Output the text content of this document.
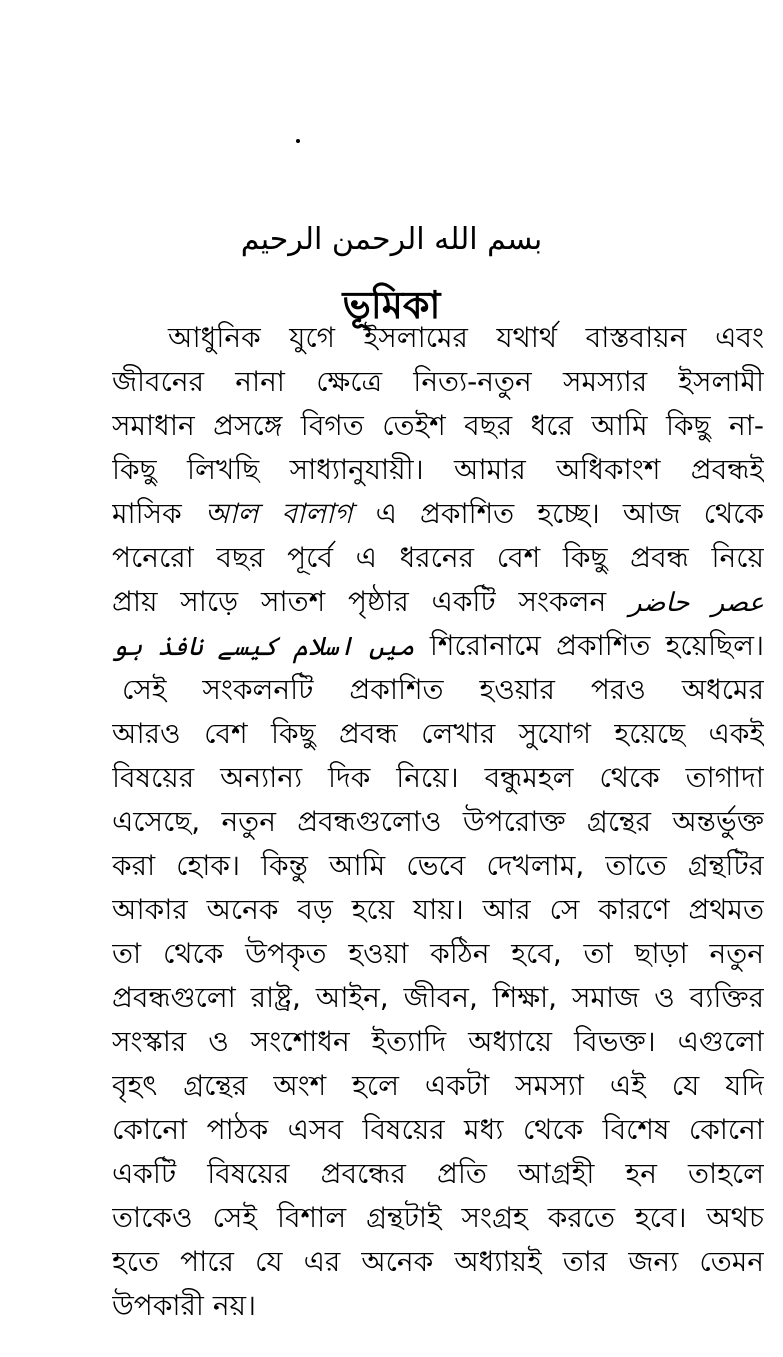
بسم الله الرحمن الرحيم
ভূমিকা
আধুনিক যুগে ইসলামের যথার্থ বাস্তবায়ন এবং
জীবনের নানা ক্ষেত্রে নিত্য-নতুন সমস্যার ইসলামী
সমাধান প্রসঙ্গে বিগত তেইশ বছর ধরে আমি কিছু না-
কিছু লিখছি সাধ্যানুযায়ী। আমার অধিকাংশ প্রবন্ধই
মাসিক আল বালাগ এ প্রকাশিত হচ্ছে। আজ থেকে
পনেরো বছর পূর্বে এ ধরনের বেশ কিছু প্রবন্ধ নিয়ে
প্রায় সাড়ে সাতশ পৃষ্ঠার একটি সংকলন عصر حاضر
میں اسلام کیسے نافذ ہو শিরোনামে প্রকাশিত হয়েছিল।
সেই সংকলনটি প্রকাশিত হওয়ার পরও অধমের
আরও বেশ কিছু প্রবন্ধ লেখার সুযোগ হয়েছে একই
বিষয়ের অন্যান্য দিক নিয়ে। বন্ধুমহল থেকে তাগাদা
এসেছে, নতুন প্রবন্ধগুলোও উপরোক্ত গ্রন্থের অন্তর্ভুক্ত
করা হোক। কিন্তু আমি ভেবে দেখলাম, তাতে গ্রন্থটির
আকার অনেক বড় হয়ে যায়। আর সে কারণে প্রথমত
তা থেকে উপকৃত হওয়া কঠিন হবে, তা ছাড়া নতুন
প্রবন্ধগুলো রাষ্ট্র, আইন, জীবন, শিক্ষা, সমাজ ও ব্যক্তির
সংস্কার ও সংশোধন ইত্যাদি অধ্যায়ে বিভক্ত। এগুলো
বৃহৎ গ্রন্থের অংশ হলে একটা সমস্যা এই যে যদি
কোনো পাঠক এসব বিষয়ের মধ্য থেকে বিশেষ কোনো
একটি বিষয়ের প্রবন্ধের প্রতি আগ্রহী হন তাহলে
তাকেও সেই বিশাল গ্রন্থটাই সংগ্রহ করতে হবে। অথচ
হতে পারে যে এর অনেক অধ্যায়ই তার জন্য তেমন
উপকারী নয়।
